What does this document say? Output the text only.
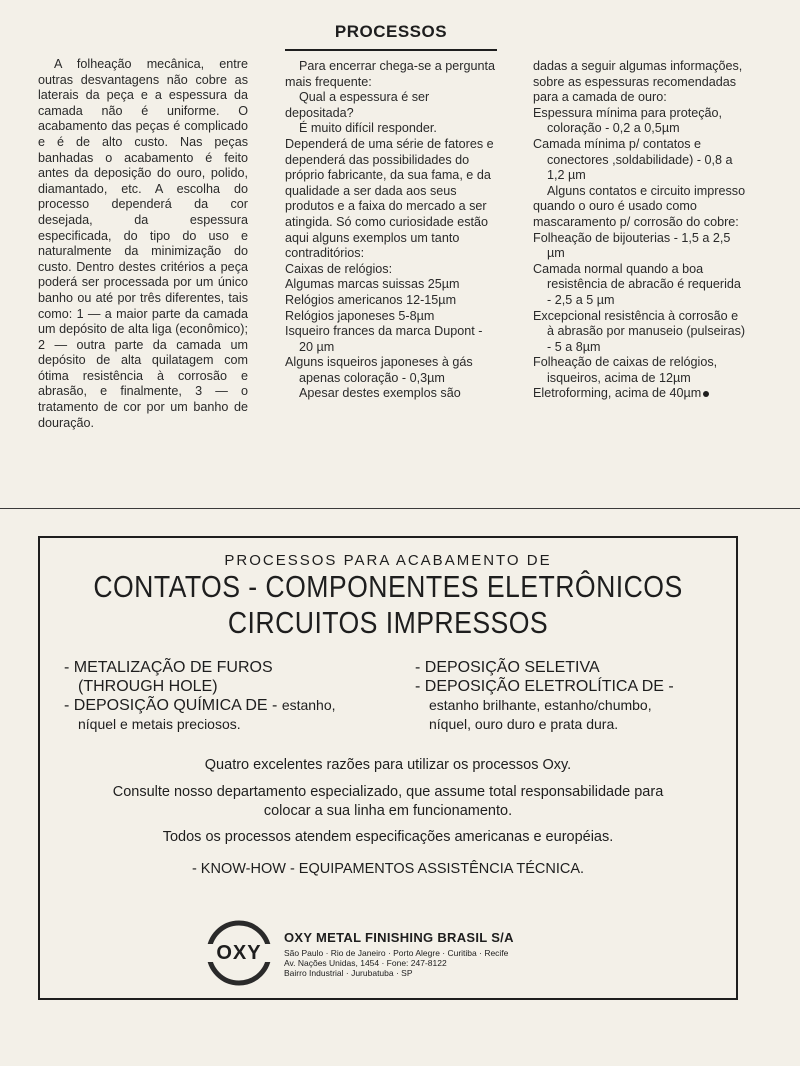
PROCESSOS

A folheação mecânica, entre outras desvantagens não cobre as laterais da peça e a espessura da camada não é uniforme. O acabamento das peças é complicado e é de alto custo. Nas peças banhadas o acabamento é feito antes da deposição do ouro, polido, diamantado, etc. A escolha do processo dependerá da cor desejada, da espessura especificada, do tipo do uso e naturalmente da minimização do custo. Dentro destes critérios a peça poderá ser processada por um único banho ou até por três diferentes, tais como: 1 — a maior parte da camada um depósito de alta liga (econômico); 2 — outra parte da camada um depósito de alta quilatagem com ótima resistência à corrosão e abrasão, e finalmente, 3 — o tratamento de cor por um banho de douração.

Para encerrar chega-se a pergunta mais frequente:

Qual a espessura é ser depositada?

É muito difícil responder. Dependerá de uma série de fatores e dependerá das possibilidades do próprio fabricante, da sua fama, e da qualidade a ser dada aos seus produtos e a faixa do mercado a ser atingida. Só como curiosidade estão aqui alguns exemplos um tanto contraditórios:

Caixas de relógios:

Algumas marcas suissas 25µm

Relógios americanos 12-15µm

Relógios japoneses 5-8µm

Isqueiro frances da marca Dupont - 20 µm

Alguns isqueiros japoneses à gás apenas coloração - 0,3µm

Apesar destes exemplos são

dadas a seguir algumas informações, sobre as espessuras recomendadas para a camada de ouro:

Espessura mínima para proteção, coloração - 0,2 a 0,5µm

Camada mínima p/ contatos e conectores ,soldabilidade) - 0,8 a 1,2 µm

Alguns contatos e circuito impresso quando o ouro é usado como mascaramento p/ corrosão do cobre:

Folheação de bijouterias - 1,5 a 2,5 µm

Camada normal quando a boa resistência de abracão é requerida - 2,5 a 5 µm

Excepcional resistência à corrosão e à abrasão por manuseio (pulseiras) - 5 a 8µm

Folheação de caixas de relógios, isqueiros, acima de 12µm

Eletroforming, acima de 40µm

PROCESSOS PARA ACABAMENTO DE
CONTATOS - COMPONENTES ELETRÔNICOS
CIRCUITOS IMPRESSOS

- METALIZAÇÃO DE FUROS

(THROUGH HOLE)

- DEPOSIÇÃO QUÍMICA DE - estanho,

níquel e metais preciosos.

- DEPOSIÇÃO SELETIVA

- DEPOSIÇÃO ELETROLÍTICA DE -

estanho brilhante, estanho/chumbo,

níquel, ouro duro e prata dura.

Quatro excelentes razões para utilizar os processos Oxy.
Consulte nosso departamento especializado, que assume total responsabilidade para
colocar a sua linha em funcionamento.
Todos os processos atendem especificações americanas e européias.
- KNOW-HOW - EQUIPAMENTOS ASSISTÊNCIA TÉCNICA.
OXY
OXY METAL FINISHING BRASIL S/A
São Paulo · Rio de Janeiro · Porto Alegre · Curitiba · Recife
Av. Nações Unidas, 1454 · Fone: 247-8122
Bairro Industrial · Jurubatuba · SP
